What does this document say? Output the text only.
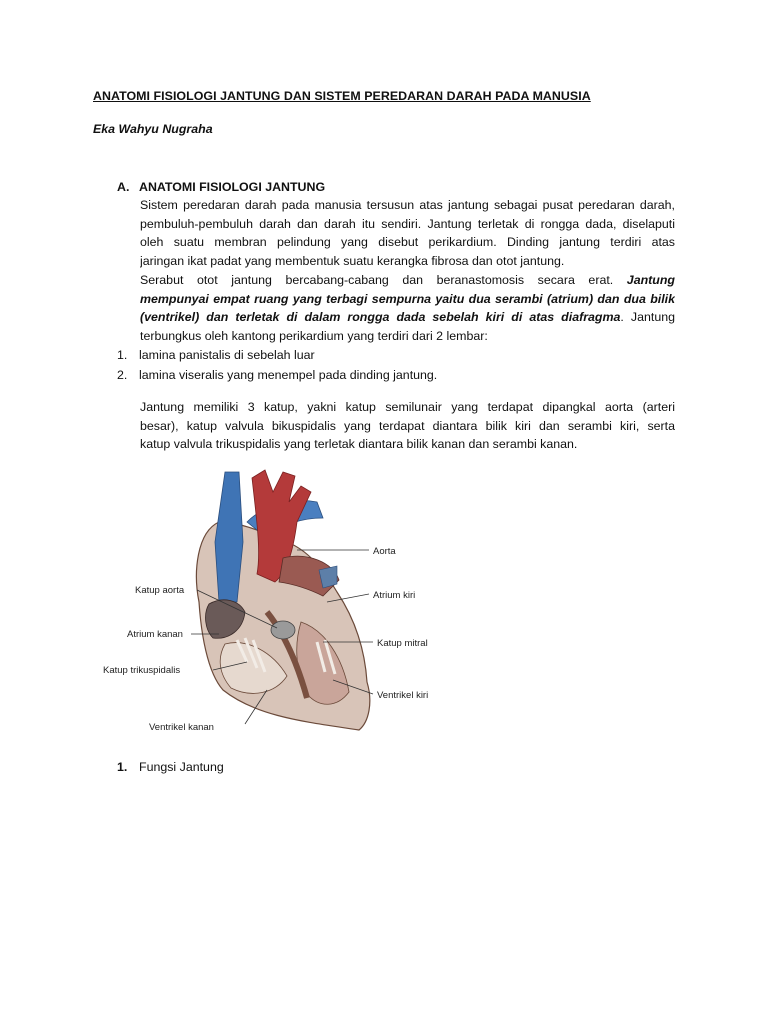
ANATOMI FISIOLOGI JANTUNG DAN SISTEM PEREDARAN DARAH PADA MANUSIA
Eka Wahyu Nugraha
A. ANATOMI FISIOLOGI JANTUNG
Sistem peredaran darah pada manusia tersusun atas jantung sebagai pusat peredaran darah,
pembuluh-pembuluh darah dan darah itu sendiri. Jantung terletak di rongga dada, diselaputi
oleh suatu membran pelindung yang disebut perikardium. Dinding jantung terdiri atas
jaringan ikat padat yang membentuk suatu kerangka fibrosa dan otot jantung.
Serabut otot jantung bercabang-cabang dan beranastomosis secara erat. Jantung
mempunyai empat ruang yang terbagi sempurna yaitu dua serambi (atrium) dan dua bilik
(ventrikel) dan terletak di dalam rongga dada sebelah kiri di atas diafragma. Jantung
terbungkus oleh kantong perikardium yang terdiri dari 2 lembar:
1. lamina panistalis di sebelah luar
2. lamina viseralis yang menempel pada dinding jantung.
Jantung memiliki 3 katup, yakni katup semilunair yang terdapat dipangkal aorta (arteri
besar), katup valvula bikuspidalis yang terdapat diantara bilik kiri dan serambi kiri, serta
katup valvula trikuspidalis yang terletak diantara bilik kanan dan serambi kanan.
Aorta
Atrium kiri
Katup aorta
Atrium kanan
Katup mitral
Katup trikuspidalis
Ventrikel kiri
Ventrikel kanan
1. Fungsi Jantung
